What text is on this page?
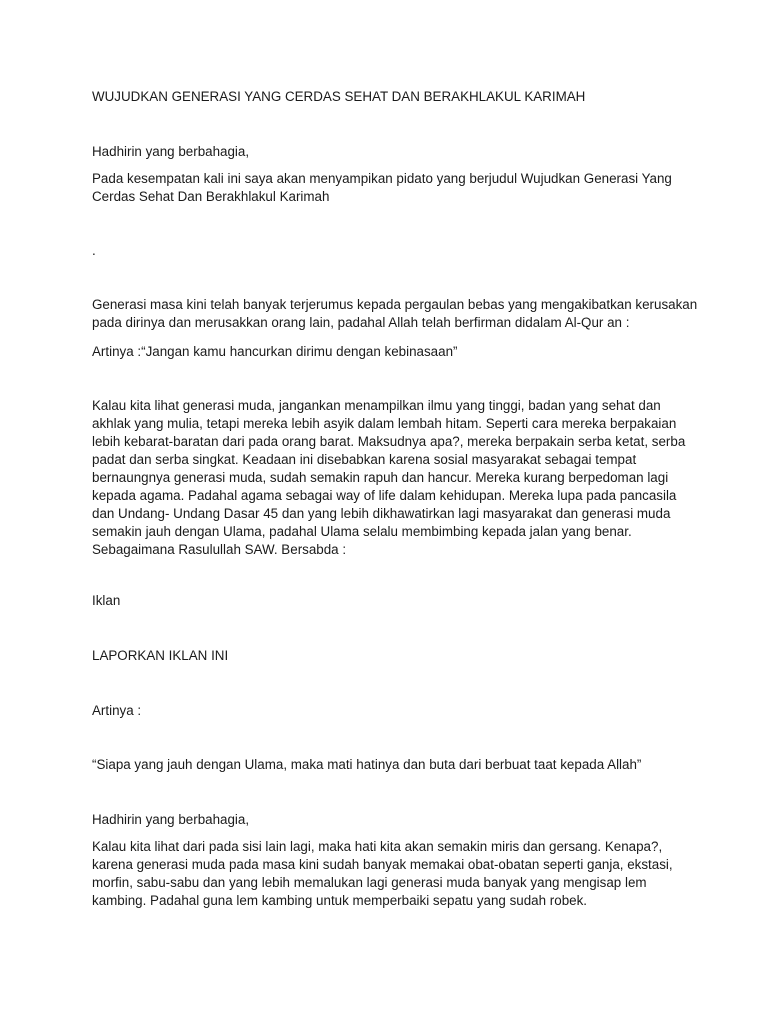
WUJUDKAN GENERASI YANG CERDAS SEHAT DAN BERAKHLAKUL KARIMAH

Hadhirin yang berbahagia,

Pada kesempatan kali ini saya akan menyampikan pidato yang berjudul Wujudkan Generasi Yang
Cerdas Sehat Dan Berakhlakul Karimah

.

Generasi masa kini telah banyak terjerumus kepada pergaulan bebas yang mengakibatkan kerusakan
pada dirinya dan merusakkan orang lain, padahal Allah telah berfirman didalam Al-Qur an :

Artinya :“Jangan kamu hancurkan dirimu dengan kebinasaan”

Kalau kita lihat generasi muda, jangankan menampilkan ilmu yang tinggi, badan yang sehat dan
akhlak yang mulia, tetapi mereka lebih asyik dalam lembah hitam. Seperti cara mereka berpakaian
lebih kebarat-baratan dari pada orang barat. Maksudnya apa?, mereka berpakain serba ketat, serba
padat dan serba singkat. Keadaan ini disebabkan karena sosial masyarakat sebagai tempat
bernaungnya generasi muda, sudah semakin rapuh dan hancur. Mereka kurang berpedoman lagi
kepada agama. Padahal agama sebagai way of life dalam kehidupan. Mereka lupa pada pancasila
dan Undang- Undang Dasar 45 dan yang lebih dikhawatirkan lagi masyarakat dan generasi muda
semakin jauh dengan Ulama, padahal Ulama selalu membimbing kepada jalan yang benar.
Sebagaimana Rasulullah SAW. Bersabda :

Iklan

LAPORKAN IKLAN INI

Artinya :

“Siapa yang jauh dengan Ulama, maka mati hatinya dan buta dari berbuat taat kepada Allah”

Hadhirin yang berbahagia,

Kalau kita lihat dari pada sisi lain lagi, maka hati kita akan semakin miris dan gersang. Kenapa?,
karena generasi muda pada masa kini sudah banyak memakai obat-obatan seperti ganja, ekstasi,
morfin, sabu-sabu dan yang lebih memalukan lagi generasi muda banyak yang mengisap lem
kambing. Padahal guna lem kambing untuk memperbaiki sepatu yang sudah robek.
